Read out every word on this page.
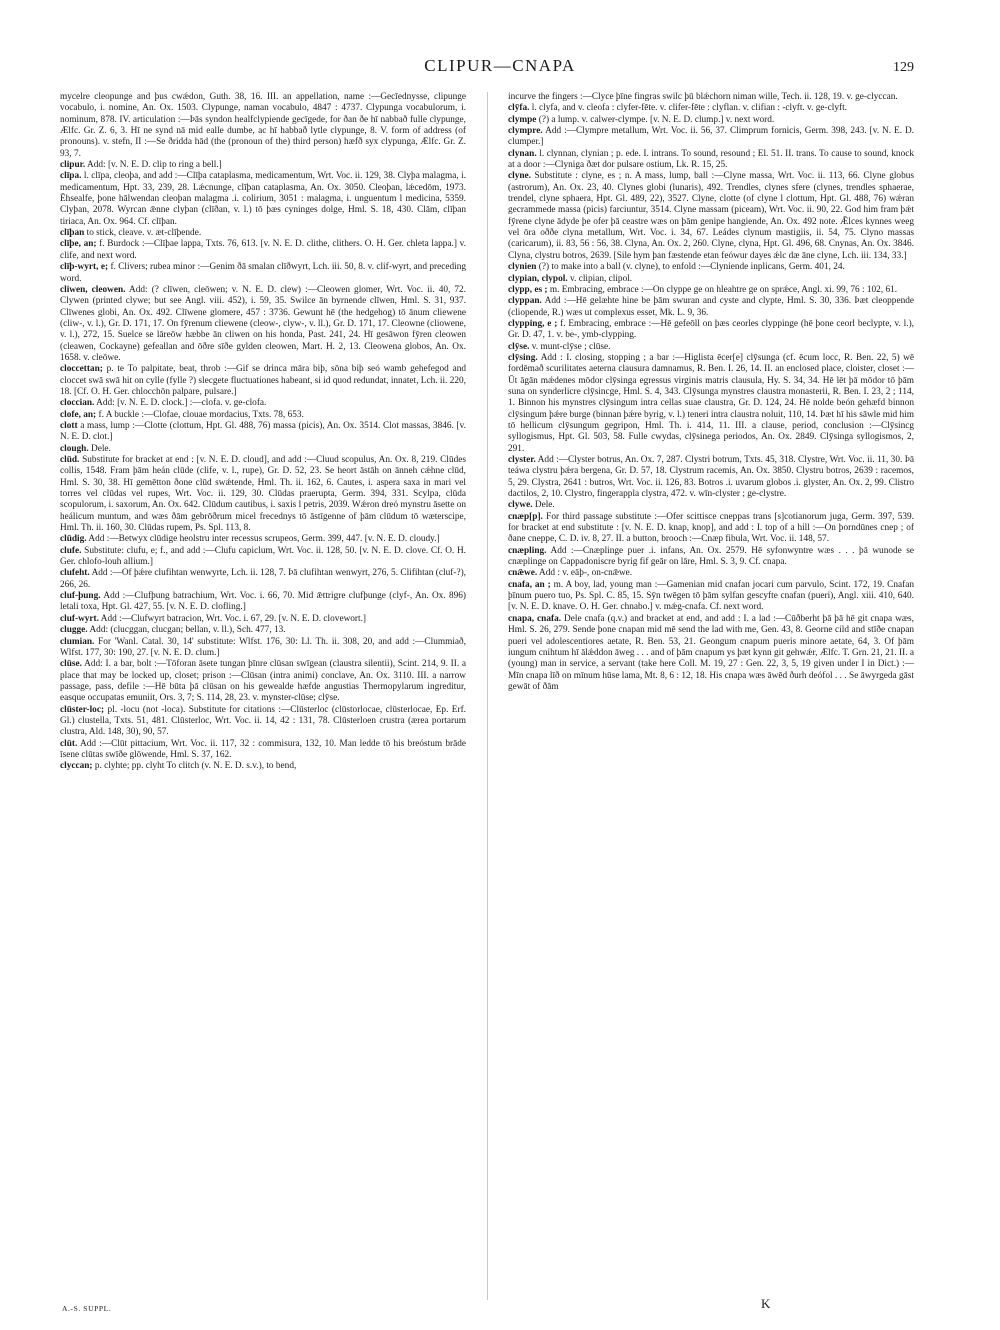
CLIPUR—CNAPA	129

mycelre cleopunge and þus cwǽdon, Guth. 38, 16. III. an appellation, name :—Gecīednysse, clipunge vocabulo, i. nomine, An. Ox. 1503. Clypunge, naman vocabulo, 4847 : 4737. Clypunga vocabulorum, i. nominum, 878. IV. articulation :—Þās syndon healfclypiende gecīgede, for ðan ðe hī nabbað fulle clypunge, Ælfc. Gr. Z. 6, 3. Hī ne synd nā mid ealle dumbe, ac hī habbað lytle clypunge, 8. V. form of address (of pronouns). v. stefn, II :—Se ðridda hād (the (pronoun of the) third person) hæfð syx clypunga, Ælfc. Gr. Z. 93, 7.

clipur. Add: [v. N. E. D. clip to ring a bell.]

clīpa. l. clīpa, cleoþa, and add :—Clīþa cataplasma, medicamentum, Wrt. Voc. ii. 129, 38. Clyþa malagma, i. medicamentum, Hpt. 33, 239, 28. Lǽcnunge, clīþan cataplasma, An. Ox. 3050. Cleoþan, lǽcedōm, 1973. Ēhsealfe, þone hālwendan cleoþan malagma .i. colirium, 3051 : malagma, i. unguentum l medicina, 5359. Clyþan, 2078. Wyrcan ǣnne clyþan (clīðan, v. l.) tō þæs cyninges dolge, Hml. S. 18, 430. Clām, clīþan tiriaca, An. Ox. 964. Cf. clīþan.

clīþan to stick, cleave. v. æt-clīþende.

clīþe, an; f. Burdock :—Clīþae lappa, Txts. 76, 613. [v. N. E. D. clithe, clithers. O. H. Ger. chleta lappa.] v. clife, and next word.

clīþ-wyrt, e; f. Clivers; rubea minor :—Genim ðā smalan clīðwyrt, Lch. iii. 50, 8. v. clif-wyrt, and preceding word.

cliwen, cleowen. Add: (? clīwen, cleōwen; v. N. E. D. clew) :—Cleowen glomer, Wrt. Voc. ii. 40, 72. Clywen (printed clywe; but see Angl. viii. 452), i. 59, 35. Swilce ān byrnende clīwen, Hml. S. 31, 937. Clīwenes globi, An. Ox. 492. Clīwene glomere, 457 : 3736. Gewunt hē (the hedgehog) tō ānum cliewene (cliw-, v. l.), Gr. D. 171, 17. On fȳrenum cliewene (cleow-, clyw-, v. ll.), Gr. D. 171, 17. Cleowne (cliowene, v. l.), 272, 15. Suelce se lāreōw hæbbe ān cliwen on his honda, Past. 241, 24. Hī gesāwon fȳren cleowen (cleawen, Cockayne) gefeallan and ōðre sīðe gylden cleowen, Mart. H. 2, 13. Cleowena globos, An. Ox. 1658. v. cleōwe.

cloccettan; p. te To palpitate, beat, throb :—Gif se drinca māra biþ, sōna biþ seó wamb gehefegod and cloccet swā swā hit on cylle (fylle ?) slecgete fluctuationes habeant, si id quod redundat, innatet, Lch. ii. 220, 18. [Cf. O. H. Ger. chlocchōn palpare, pulsare.]

cloccian. Add: [v. N. E. D. clock.] :—clofa. v. ge-clofa.

clofe, an; f. A buckle :—Clofae, clouae mordacius, Txts. 78, 653.

clott a mass, lump :—Clotte (clottum, Hpt. Gl. 488, 76) massa (picis), An. Ox. 3514. Clot massas, 3846. [v. N. E. D. clot.]

clough. Dele.

clūd. Substitute for bracket at end : [v. N. E. D. cloud], and add :—Cluud scopulus, An. Ox. 8, 219. Clūdes collis, 1548. Fram þām heán clūde (clife, v. l., rupe), Gr. D. 52, 23. Se heort āstāh on ānneh cǽhne clūd, Hml. S. 30, 38. Hī gemētton ðone clūd swǽtende, Hml. Th. ii. 162, 6. Cautes, i. aspera saxa in mari vel torres vel clūdas vel rupes, Wrt. Voc. ii. 129, 30. Clūdas praerupta, Germ. 394, 331. Scylpa, clūda scopulorum, i. saxorum, An. Ox. 642. Clūdum cautibus, i. saxis l petris, 2039. Wǽron dreó mynstru āsette on heálicum muntum, and wæs ðām gebrōðrum micel frecednys tō āstīgenne of þām clūdum tō wæterscipe, Hml. Th. ii. 160, 30. Clūdas rupem, Ps. Spl. 113, 8.

clūdig. Add :—Betwyx clūdige heolstru inter recessus scrupeos, Germ. 399, 447. [v. N. E. D. cloudy.]

clufe. Substitute: clufu, e; f., and add :—Clufu capiclum, Wrt. Voc. ii. 128, 50. [v. N. E. D. clove. Cf. O. H. Ger. chlofo-louh allium.]

clufeht. Add :—Of þǽre clufihtan wenwyrte, Lch. ii. 128, 7. Þā clufihtan wenwyrt, 276, 5. Clifihtan (cluf-?), 266, 26.

cluf-þung. Add :—Clufþung batrachium, Wrt. Voc. i. 66, 70. Mid ǣttrigre clufþunge (clyf-, An. Ox. 896) letali toxa, Hpt. Gl. 427, 55. [v. N. E. D. clofling.]

cluf-wyrt. Add :—Clufwyrt batracion, Wrt. Voc. i. 67, 29. [v. N. E. D. clovewort.]

clugge. Add: (clucggan, clucgan; bellan, v. ll.), Sch. 477, 13.

clumian. For 'Wanl. Catal. 30, 14' substitute: Wlfst. 176, 30: Ll. Th. ii. 308, 20, and add :—Clummiað, Wlfst. 177, 30: 190, 27. [v. N. E. D. clum.]

clūse. Add: I. a bar, bolt :—Tōforan āsete tungan þīnre clūsan swīgean (claustra silentii), Scint. 214, 9. II. a place that may be locked up, closet; prison :—Clūsan (intra animi) conclave, An. Ox. 3110. III. a narrow passage, pass, defile :—Hē būta þā clūsan on his gewealde hæfde angustias Thermopylarum ingreditur, easque occupatas emuniit, Ors. 3, 7; S. 114, 28, 23. v. mynster-clūse; clȳse.

clūster-loc; pl. -locu (not -loca). Substitute for citations :—Clūsterloc (clūstorlocae, clūsterlocae, Ep. Erf. Gl.) clustella, Txts. 51, 481. Clūsterloc, Wrt. Voc. ii. 14, 42 : 131, 78. Clūsterloen crustra (ærea portarum clustra, Ald. 148, 30), 90, 57.

clūt. Add :—Clūt pittacium, Wrt. Voc. ii. 117, 32 : commisura, 132, 10. Man ledde tō his breóstum brāde īsene clūtas swīðe glōwende, Hml. S. 37, 162.

clyccan; p. clyhte; pp. clyht To clitch (v. N. E. D. s.v.), to bend,

incurve the fingers :—Clyce þīne fingras swilc þū blǽchorn niman wille, Tech. ii. 128, 19. v. ge-clyccan.

clȳfa. l. clyfa, and v. cleofa : clyfer-fēte. v. clifer-fēte : clyflan. v. clifian : -clyft. v. ge-clyft.

clympe (?) a lump. v. calwer-clympe. [v. N. E. D. clump.] v. next word.

clympre. Add :—Clympre metallum, Wrt. Voc. ii. 56, 37. Climprum fornicis, Germ. 398, 243. [v. N. E. D. clumper.]

clynan. l. clynnan, clynian ; p. ede. I. intrans. To sound, resound ; El. 51. II. trans. To cause to sound, knock at a door :—Clyniga ðæt dor pulsare ostium, Lk. R. 15, 25.

clyne. Substitute : clyne, es ; n. A mass, lump, ball :—Clyne massa, Wrt. Voc. ii. 113, 66. Clyne globus (astrorum), An. Ox. 23, 40. Clynes globi (lunaris), 492. Trendles, clynes sfere (clynes, trendles sphaerae, trendel, clyne sphaera, Hpt. Gl. 489, 22), 3527. Clyne, clotte (of clyne l clottum, Hpt. Gl. 488, 76) wǽran gecrammede massa (picis) farciuntur, 3514. Clyne massam (piceam), Wrt. Voc. ii. 90, 22. God him fram þǽt fȳrene clyne ādyde þe ofer þā ceastre wæs on þām genipe hangiende, An. Ox. 492 note. Ǣlces kynnes weeg vel ōra oððe clyna metallum, Wrt. Voc. i. 34, 67. Leádes clynum mastigiis, ii. 54, 75. Clyno massas (caricarum), ii. 83, 56 : 56, 38. Clyna, An. Ox. 2, 260. Clyne, clyna, Hpt. Gl. 496, 68. Cnynas, An. Ox. 3846. Clyna, clystru botros, 2639. [Sile hym þan fæstende etan feówur dayes ǽlc dæ āne clyne, Lch. iii. 134, 33.]

clynien (?) to make into a ball (v. clyne), to enfold :—Clyniende inplicans, Germ. 401, 24.

clypian, clypol. v. clipian, clipol.

clypp, es ; m. Embracing, embrace :—On clyppe ge on hleahtre ge on sprǽce, Angl. xi. 99, 76 : 102, 61.

clyppan. Add :—Hē gelæhte hine be þām swuran and cyste and clypte, Hml. S. 30, 336. Þæt cleoppende (cliopende, R.) wæs ut complexus esset, Mk. L. 9, 36.

clypping, e ; f. Embracing, embrace :—Hē gefeōll on þæs ceorles clyppinge (hē þone ceorl beclypte, v. l.), Gr. D. 47, 1. v. be-, ymb-clypping.

clȳse. v. munt-clȳse ; clūse.

clȳsing. Add : I. closing, stopping ; a bar :—Higlista ēcer[e] clȳsunga (cf. ēcum locc, R. Ben. 22, 5) wē fordēmað scurilitates aeterna clausura damnamus, R. Ben. I. 26, 14. II. an enclosed place, cloister, closet :—Ūt āgān mǽdenes mōdor clȳsinga egressus virginis matris clausula, Hy. S. 34, 34. Hē lēt þā mōdor tō þām suna on synderlicre clȳsincge, Hml. S. 4, 343. Clȳsunga mynstres claustra monasterii, R. Ben. I. 23, 2 ; 114, 1. Binnon his mynstres clȳsingum intra cellas suae claustra, Gr. D. 124, 24. Hē nolde beón gehæfd binnon clȳsingum þǽre burge (binnan þǽre byrig, v. l.) teneri intra claustra noluit, 110, 14. Þæt hī his sāwle mid him tō hellicum clȳsungum gegripon, Hml. Th. i. 414, 11. III. a clause, period, conclusion :—Clȳsincg syllogismus, Hpt. Gl. 503, 58. Fulle cwydas, clȳsinega periodos, An. Ox. 2849. Clȳsinga syllogismos, 2, 291.

clyster. Add :—Clyster botrus, An. Ox. 7, 287. Clystri botrum, Txts. 45, 318. Clystre, Wrt. Voc. ii. 11, 30. Þā teáwa clystru þǽra bergena, Gr. D. 57, 18. Clystrum racemis, An. Ox. 3850. Clystru botros, 2639 : racemos, 5, 29. Clystra, 2641 : butros, Wrt. Voc. ii. 126, 83. Botros .i. uvarum globos .i. glyster, An. Ox. 2, 99. Clistro dactilos, 2, 10. Clystro, fingerappla clystra, 472. v. wīn-clyster ; ge-clystre.

clywe. Dele.

cnæp[p]. For third passage substitute :—Ofer scittisce cneppas trans [s]cotianorum juga, Germ. 397, 539. for bracket at end substitute : [v. N. E. D. knap, knop], and add : I. top of a hill :—On þorndūnes cnep ; of ðane cneppe, C. D. iv. 8, 27. II. a button, brooch :—Cnæp fibula, Wrt. Voc. ii. 148, 57.

cnæpling. Add :—Cnæplinge puer .i. infans, An. Ox. 2579. Hē syfonwyntre wæs . . . þā wunode se cnæplinge on Cappadoniscre byrig fif geār on lāre, Hml. S. 3, 9. Cf. cnapa.

cnǣwe. Add : v. eāþ-, on-cnǣwe.

cnafa, an ; m. A boy, lad, young man :—Gamenian mid cnafan jocari cum parvulo, Scint. 172, 19. Cnafan þīnum puero tuo, Ps. Spl. C. 85, 15. Sȳn twēgen tō þām sylfan gescyfte cnafan (pueri), Angl. xiii. 410, 640. [v. N. E. D. knave. O. H. Ger. chnabo.] v. mǽg-cnafa. Cf. next word.

cnapa, cnafa. Dele cnafa (q.v.) and bracket at end, and add : I. a lad :—Cūðberht þā þā hē git cnapa wæs, Hml. S. 26, 279. Sende þone cnapan mid mē send the lad with me, Gen. 43, 8. Georne cild and stīðe cnapan pueri vel adolescentiores aetate, R. Ben. 53, 21. Geongum cnapum pueris minore aetate, 64, 3. Of þām iungum cnihtum hī ālǽddon āweg . . . and of þām cnapum ys þæt kynn git gehwǽr, Ælfc. T. Grn. 21, 21. II. a (young) man in service, a servant (take here Coll. M. 19, 27 : Gen. 22, 3, 5, 19 given under I in Dict.) :—Mīn cnapa līð on mīnum hūse lama, Mt. 8, 6 : 12, 18. His cnapa wæs āwēd ðurh deófol . . . Se āwyrgeda gāst gewāt of ðām

A.-S. SUPPL.	K
